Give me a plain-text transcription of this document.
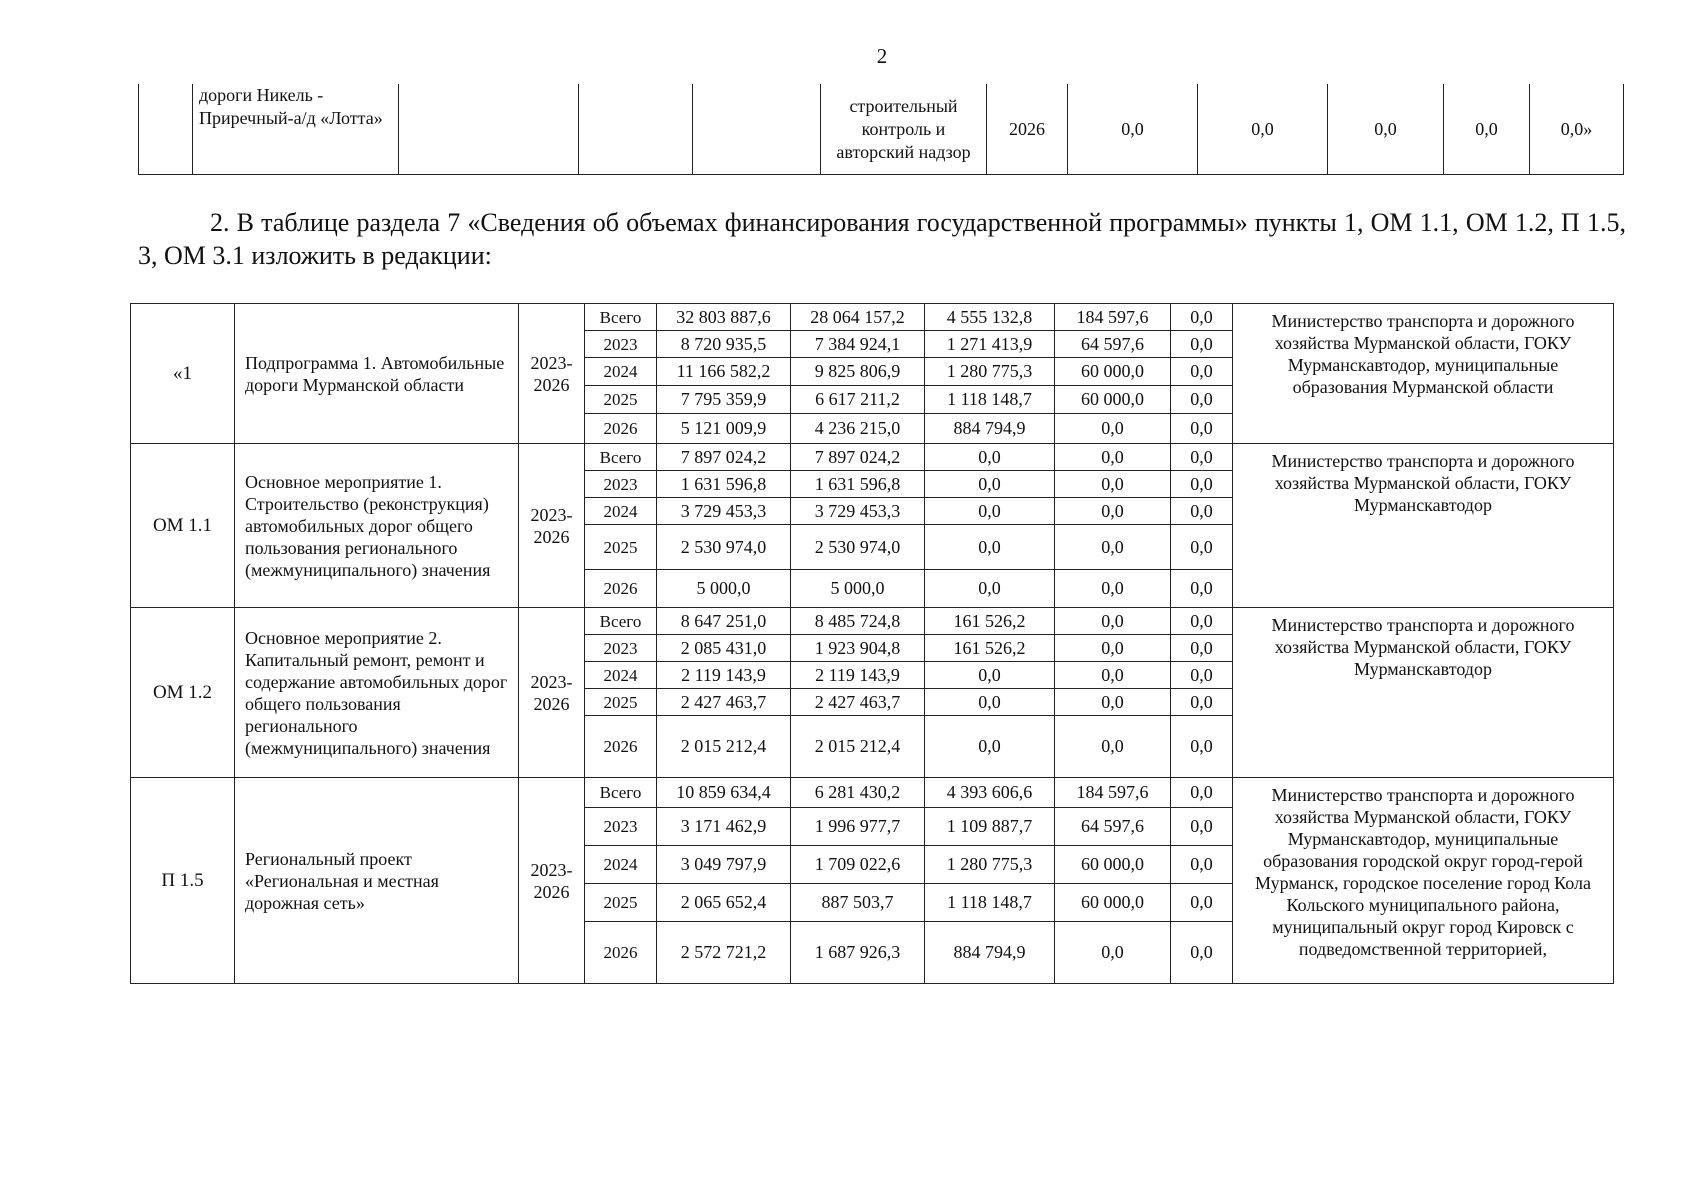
2
	дороги Никель - Приречный-а/д «Лотта»				строительный контроль и авторский надзор	2026	0,0	0,0	0,0	0,0	0,0»
2. В таблице раздела 7 «Сведения об объемах финансирования государственной программы» пункты 1, ОМ 1.1, ОМ 1.2, П 1.5, 3, ОМ 3.1 изложить в редакции:
«1	Подпрограмма 1. Автомобильные дороги Мурманской области	2023-2026	Всего	32 803 887,6	28 064 157,2	4 555 132,8	184 597,6	0,0	Министерство транспорта и дорожного хозяйства Мурманской области, ГОКУ Мурманскавтодор, муниципальные образования Мурманской области
			2023	8 720 935,5	7 384 924,1	1 271 413,9	64 597,6	0,0	
			2024	11 166 582,2	9 825 806,9	1 280 775,3	60 000,0	0,0	
			2025	7 795 359,9	6 617 211,2	1 118 148,7	60 000,0	0,0	
			2026	5 121 009,9	4 236 215,0	884 794,9	0,0	0,0	
ОМ 1.1	Основное мероприятие 1. Строительство (реконструкция) автомобильных дорог общего пользования регионального (межмуниципального) значения	2023-2026	Всего	7 897 024,2	7 897 024,2	0,0	0,0	0,0	Министерство транспорта и дорожного хозяйства Мурманской области, ГОКУ Мурманскавтодор
			2023	1 631 596,8	1 631 596,8	0,0	0,0	0,0	
			2024	3 729 453,3	3 729 453,3	0,0	0,0	0,0	
			2025	2 530 974,0	2 530 974,0	0,0	0,0	0,0	
			2026	5 000,0	5 000,0	0,0	0,0	0,0	
ОМ 1.2	Основное мероприятие 2. Капитальный ремонт, ремонт и содержание автомобильных дорог общего пользования регионального (межмуниципального) значения	2023-2026	Всего	8 647 251,0	8 485 724,8	161 526,2	0,0	0,0	Министерство транспорта и дорожного хозяйства Мурманской области, ГОКУ Мурманскавтодор
			2023	2 085 431,0	1 923 904,8	161 526,2	0,0	0,0	
			2024	2 119 143,9	2 119 143,9	0,0	0,0	0,0	
			2025	2 427 463,7	2 427 463,7	0,0	0,0	0,0	
			2026	2 015 212,4	2 015 212,4	0,0	0,0	0,0	
П 1.5	Региональный проект «Региональная и местная дорожная сеть»	2023-2026	Всего	10 859 634,4	6 281 430,2	4 393 606,6	184 597,6	0,0	Министерство транспорта и дорожного хозяйства Мурманской области, ГОКУ Мурманскавтодор, муниципальные образования городской округ город-герой Мурманск, городское поселение город Кола Кольского муниципального района, муниципальный округ город Кировск с подведомственной территорией,
			2023	3 171 462,9	1 996 977,7	1 109 887,7	64 597,6	0,0	
			2024	3 049 797,9	1 709 022,6	1 280 775,3	60 000,0	0,0	
			2025	2 065 652,4	887 503,7	1 118 148,7	60 000,0	0,0	
			2026	2 572 721,2	1 687 926,3	884 794,9	0,0	0,0	
